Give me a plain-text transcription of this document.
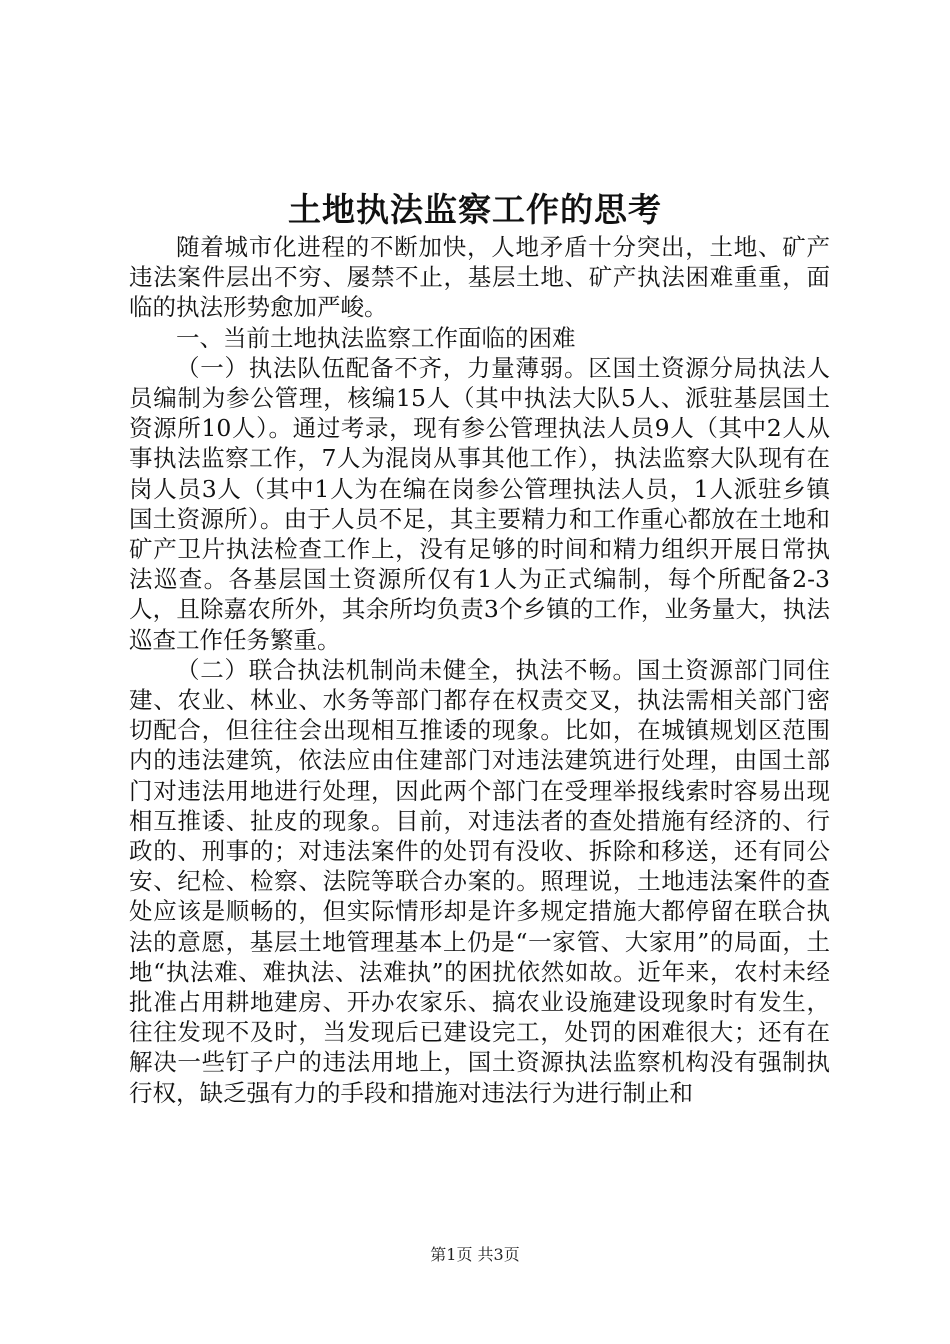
土地执法监察工作的思考

随着城市化进程的不断加快，人地矛盾十分突出，土地、矿产违法案件层出不穷、屡禁不止，基层土地、矿产执法困难重重，面临的执法形势愈加严峻。

一、当前土地执法监察工作面临的困难

（一）执法队伍配备不齐，力量薄弱。区国土资源分局执法人员编制为参公管理，核编15人（其中执法大队5人、派驻基层国土资源所10人）。通过考录，现有参公管理执法人员9人（其中2人从事执法监察工作，7人为混岗从事其他工作），执法监察大队现有在岗人员3人（其中1人为在编在岗参公管理执法人员，1人派驻乡镇国土资源所）。由于人员不足，其主要精力和工作重心都放在土地和矿产卫片执法检查工作上，没有足够的时间和精力组织开展日常执法巡查。各基层国土资源所仅有1人为正式编制，每个所配备2-3人，且除嘉农所外，其余所均负责3个乡镇的工作，业务量大，执法巡查工作任务繁重。

（二）联合执法机制尚未健全，执法不畅。国土资源部门同住建、农业、林业、水务等部门都存在权责交叉，执法需相关部门密切配合，但往往会出现相互推诿的现象。比如，在城镇规划区范围内的违法建筑，依法应由住建部门对违法建筑进行处理，由国土部门对违法用地进行处理，因此两个部门在受理举报线索时容易出现相互推诿、扯皮的现象。目前，对违法者的查处措施有经济的、行政的、刑事的；对违法案件的处罚有没收、拆除和移送，还有同公安、纪检、检察、法院等联合办案的。照理说，土地违法案件的查处应该是顺畅的，但实际情形却是许多规定措施大都停留在联合执法的意愿，基层土地管理基本上仍是“一家管、大家用”的局面，土地“执法难、难执法、法难执”的困扰依然如故。近年来，农村未经批准占用耕地建房、开办农家乐、搞农业设施建设现象时有发生，往往发现不及时，当发现后已建设完工，处罚的困难很大；还有在解决一些钉子户的违法用地上，国土资源执法监察机构没有强制执行权，缺乏强有力的手段和措施对违法行为进行制止和

第1页 共3页
